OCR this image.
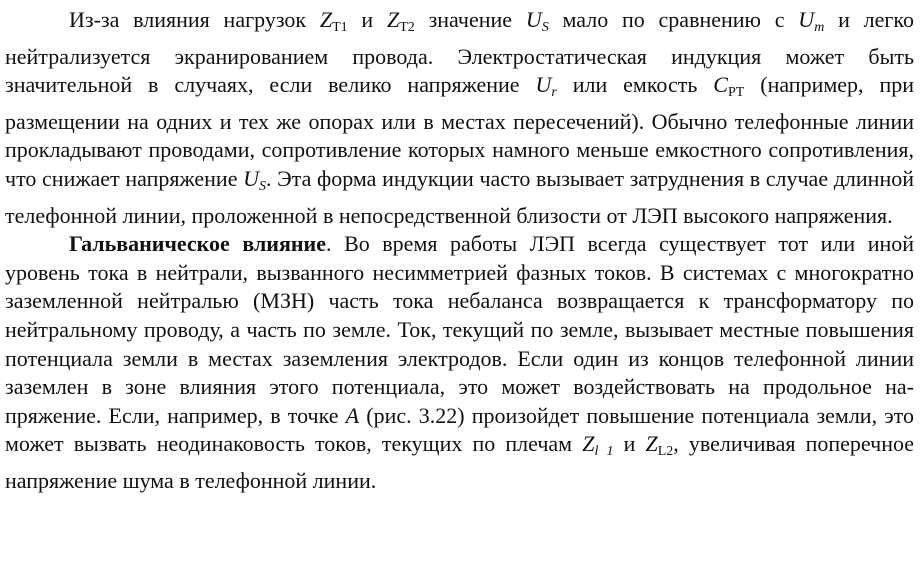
Из-за влияния нагрузок $Z_{Т1}$ и $Z_{Т2}$ значение US мало по сравнению с Um и легко нейтрализуется экранированием провода. Электростатическая индукция может быть значительной в случаях, если велико напряжение Ur или емкость $C_{PT}$ (например, при размещении на одних и тех же опорах или в местах пересечений). Обычно телефонные линии прокладывают проводами, сопротивление которых намного меньше емкостного сопротивления, что снижает напряжение US. Эта форма индукции часто вызывает затруднения в случае длинной телефонной линии, проложенной в непосредственной близости от ЛЭП высокого напряжения.

Гальваническое влияние. Во время работы ЛЭП всегда существует тот или иной уровень тока в нейтрали, вызванного несимметрией фазных токов. В системах с многократно заземленной нейтралью (МЗН) часть тока небаланса возвращается к трансформатору по нейтральному проводу, а часть по земле. Ток, текущий по земле, вызывает местные повышения потенциала земли в местах заземления электродов. Если один из концов телефонной линии заземлен в зоне влияния этого потенциала, это может воздействовать на продольное напряжение. Если, например, в точке A (рис. 3.22) произойдет повышение потенциала земли, это может вызвать неодинаковость токов, текущих по плечам Zl 1 и $Z_{L2}$, увеличивая поперечное напряжение шума в телефонной линии.
